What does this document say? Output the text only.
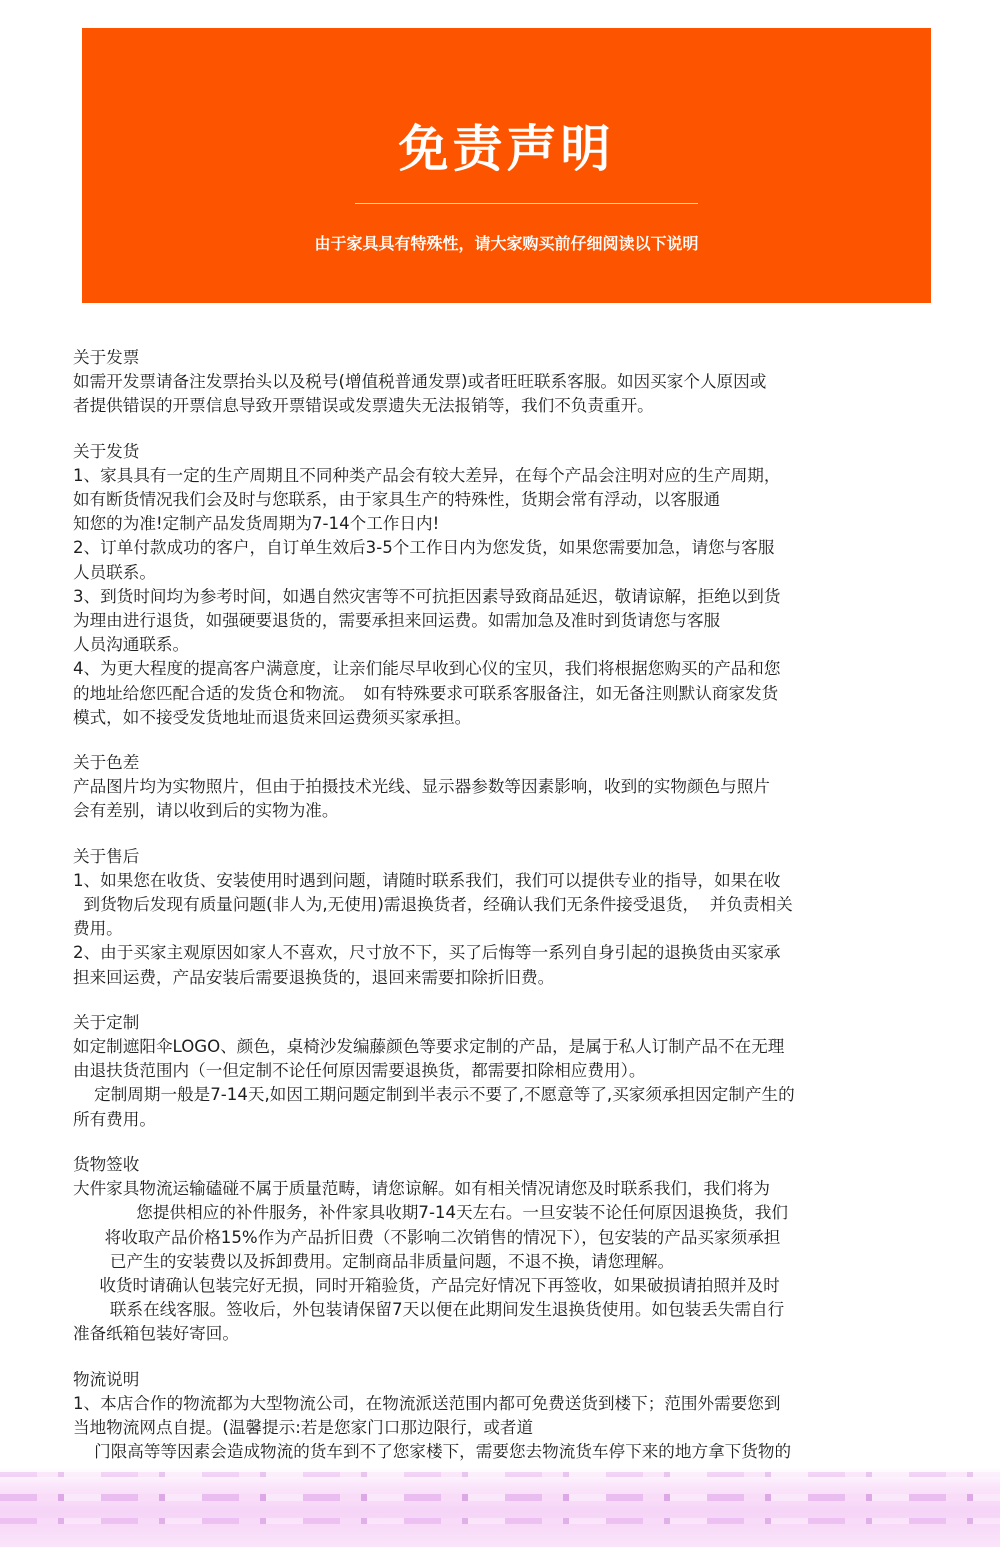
免责声明
由于家具具有特殊性，请大家购买前仔细阅读以下说明
关于发票
如需开发票请备注发票抬头以及税号(增值税普通发票)或者旺旺联系客服。如因买家个人原因或
者提供错误的开票信息导致开票错误或发票遗失无法报销等，我们不负责重开。
关于发货
1、家具具有一定的生产周期且不同种类产品会有较大差异，在每个产品会注明对应的生产周期，
如有断货情况我们会及时与您联系，由于家具生产的特殊性，货期会常有浮动，以客服通
知您的为准!定制产品发货周期为7-14个工作日内!
2、订单付款成功的客户，自订单生效后3-5个工作日内为您发货，如果您需要加急，请您与客服
人员联系。
3、到货时间均为参考时间，如遇自然灾害等不可抗拒因素导致商品延迟，敬请谅解，拒绝以到货
为理由进行退货，如强硬要退货的，需要承担来回运费。如需加急及准时到货请您与客服
人员沟通联系。
4、为更大程度的提高客户满意度，让亲们能尽早收到心仪的宝贝，我们将根据您购买的产品和您
的地址给您匹配合适的发货仓和物流。　如有特殊要求可联系客服备注，如无备注则默认商家发货
模式，如不接受发货地址而退货来回运费须买家承担。
关于色差
产品图片均为实物照片，但由于拍摄技术光线、显示器参数等因素影响，收到的实物颜色与照片
会有差别，请以收到后的实物为准。
关于售后
1、如果您在收货、安装使用时遇到问题，请随时联系我们，我们可以提供专业的指导，如果在收
到货物后发现有质量问题(非人为,无使用)需退换货者，经确认我们无条件接受退货，  并负责相关
费用。
2、由于买家主观原因如家人不喜欢，尺寸放不下，买了后悔等一系列自身引起的退换货由买家承
担来回运费，产品安装后需要退换货的，退回来需要扣除折旧费。
关于定制
如定制遮阳伞LOGO、颜色，桌椅沙发编藤颜色等要求定制的产品，是属于私人订制产品不在无理
由退扶货范围内（一但定制不论任何原因需要退换货，都需要扣除相应费用）。
定制周期一般是7-14天,如因工期问题定制到半表示不要了,不愿意等了,买家须承担因定制产生的
所有费用。
货物签收
大件家具物流运输磕碰不属于质量范畴，请您谅解。如有相关情况请您及时联系我们，我们将为
您提供相应的补件服务，补件家具收期7-14天左右。一旦安装不论任何原因退换货，我们
将收取产品价格15%作为产品折旧费（不影响二次销售的情况下），包安装的产品买家须承担
已产生的安装费以及拆卸费用。定制商品非质量问题，不退不换，请您理解。
收货时请确认包装完好无损，同时开箱验货，产品完好情况下再签收，如果破损请拍照并及时
联系在线客服。签收后，外包装请保留7天以便在此期间发生退换货使用。如包装丢失需自行
准备纸箱包装好寄回。
物流说明
1、本店合作的物流都为大型物流公司，在物流派送范围内都可免费送货到楼下；范围外需要您到
当地物流网点自提。(温馨提示:若是您家门口那边限行，或者道
门限高等等因素会造成物流的货车到不了您家楼下，需要您去物流货车停下来的地方拿下货物的
